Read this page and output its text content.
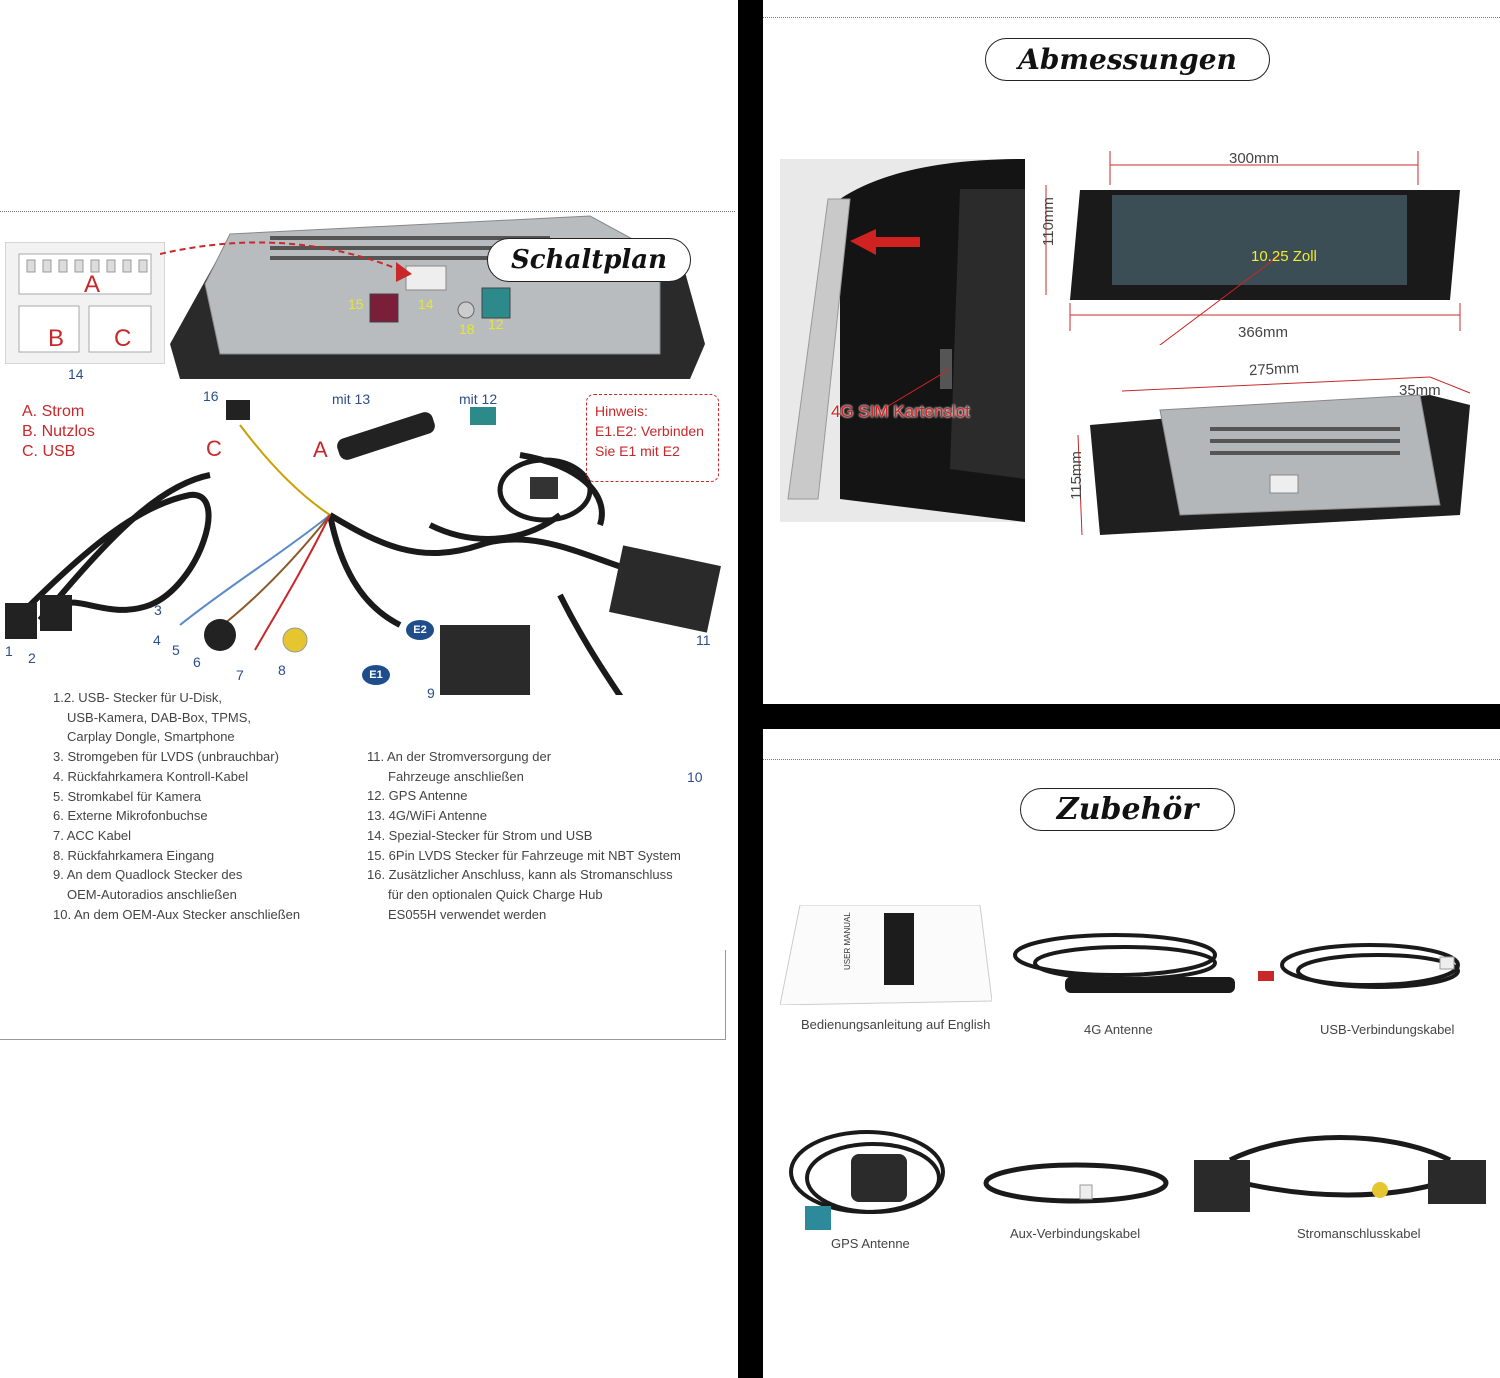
A
B C
14
15	14
18 12
Schaltplan
A. Strom
B. Nutzlos
C. USB
16	mit 13	mit 12
C	A
Hinweis:
E1.E2: Verbinden
Sie E1 mit E2
1 2
3
4
5
6
7 8
9
10
11
E2
E1
1.2. USB- Stecker für U-Disk,
USB-Kamera, DAB-Box, TPMS,
Carplay Dongle, Smartphone
3. Stromgeben für LVDS (unbrauchbar)
4. Rückfahrkamera Kontroll-Kabel
5. Stromkabel für Kamera
6. Externe Mikrofonbuchse
7. ACC Kabel
8. Rückfahrkamera Eingang
9. An dem Quadlock Stecker des
OEM-Autoradios anschließen
10. An dem OEM-Aux Stecker anschließen
11. An der Stromversorgung der
Fahrzeuge anschließen
12. GPS Antenne
13. 4G/WiFi Antenne
14. Spezial-Stecker für Strom und USB
15. 6Pin LVDS Stecker für Fahrzeuge mit NBT System
16. Zusätzlicher Anschluss, kann als Stromanschluss
für den optionalen Quick Charge Hub
ES055H verwendet werden
Abmessungen
4G SIM Kartenslot
300mm
110mm
10.25 Zoll
366mm
275mm
35mm
115mm
Zubehör
USER MANUAL
Bedienungsanleitung auf English	4G Antenne	USB-Verbindungskabel
GPS Antenne
Aux-Verbindungskabel	Stromanschlusskabel
